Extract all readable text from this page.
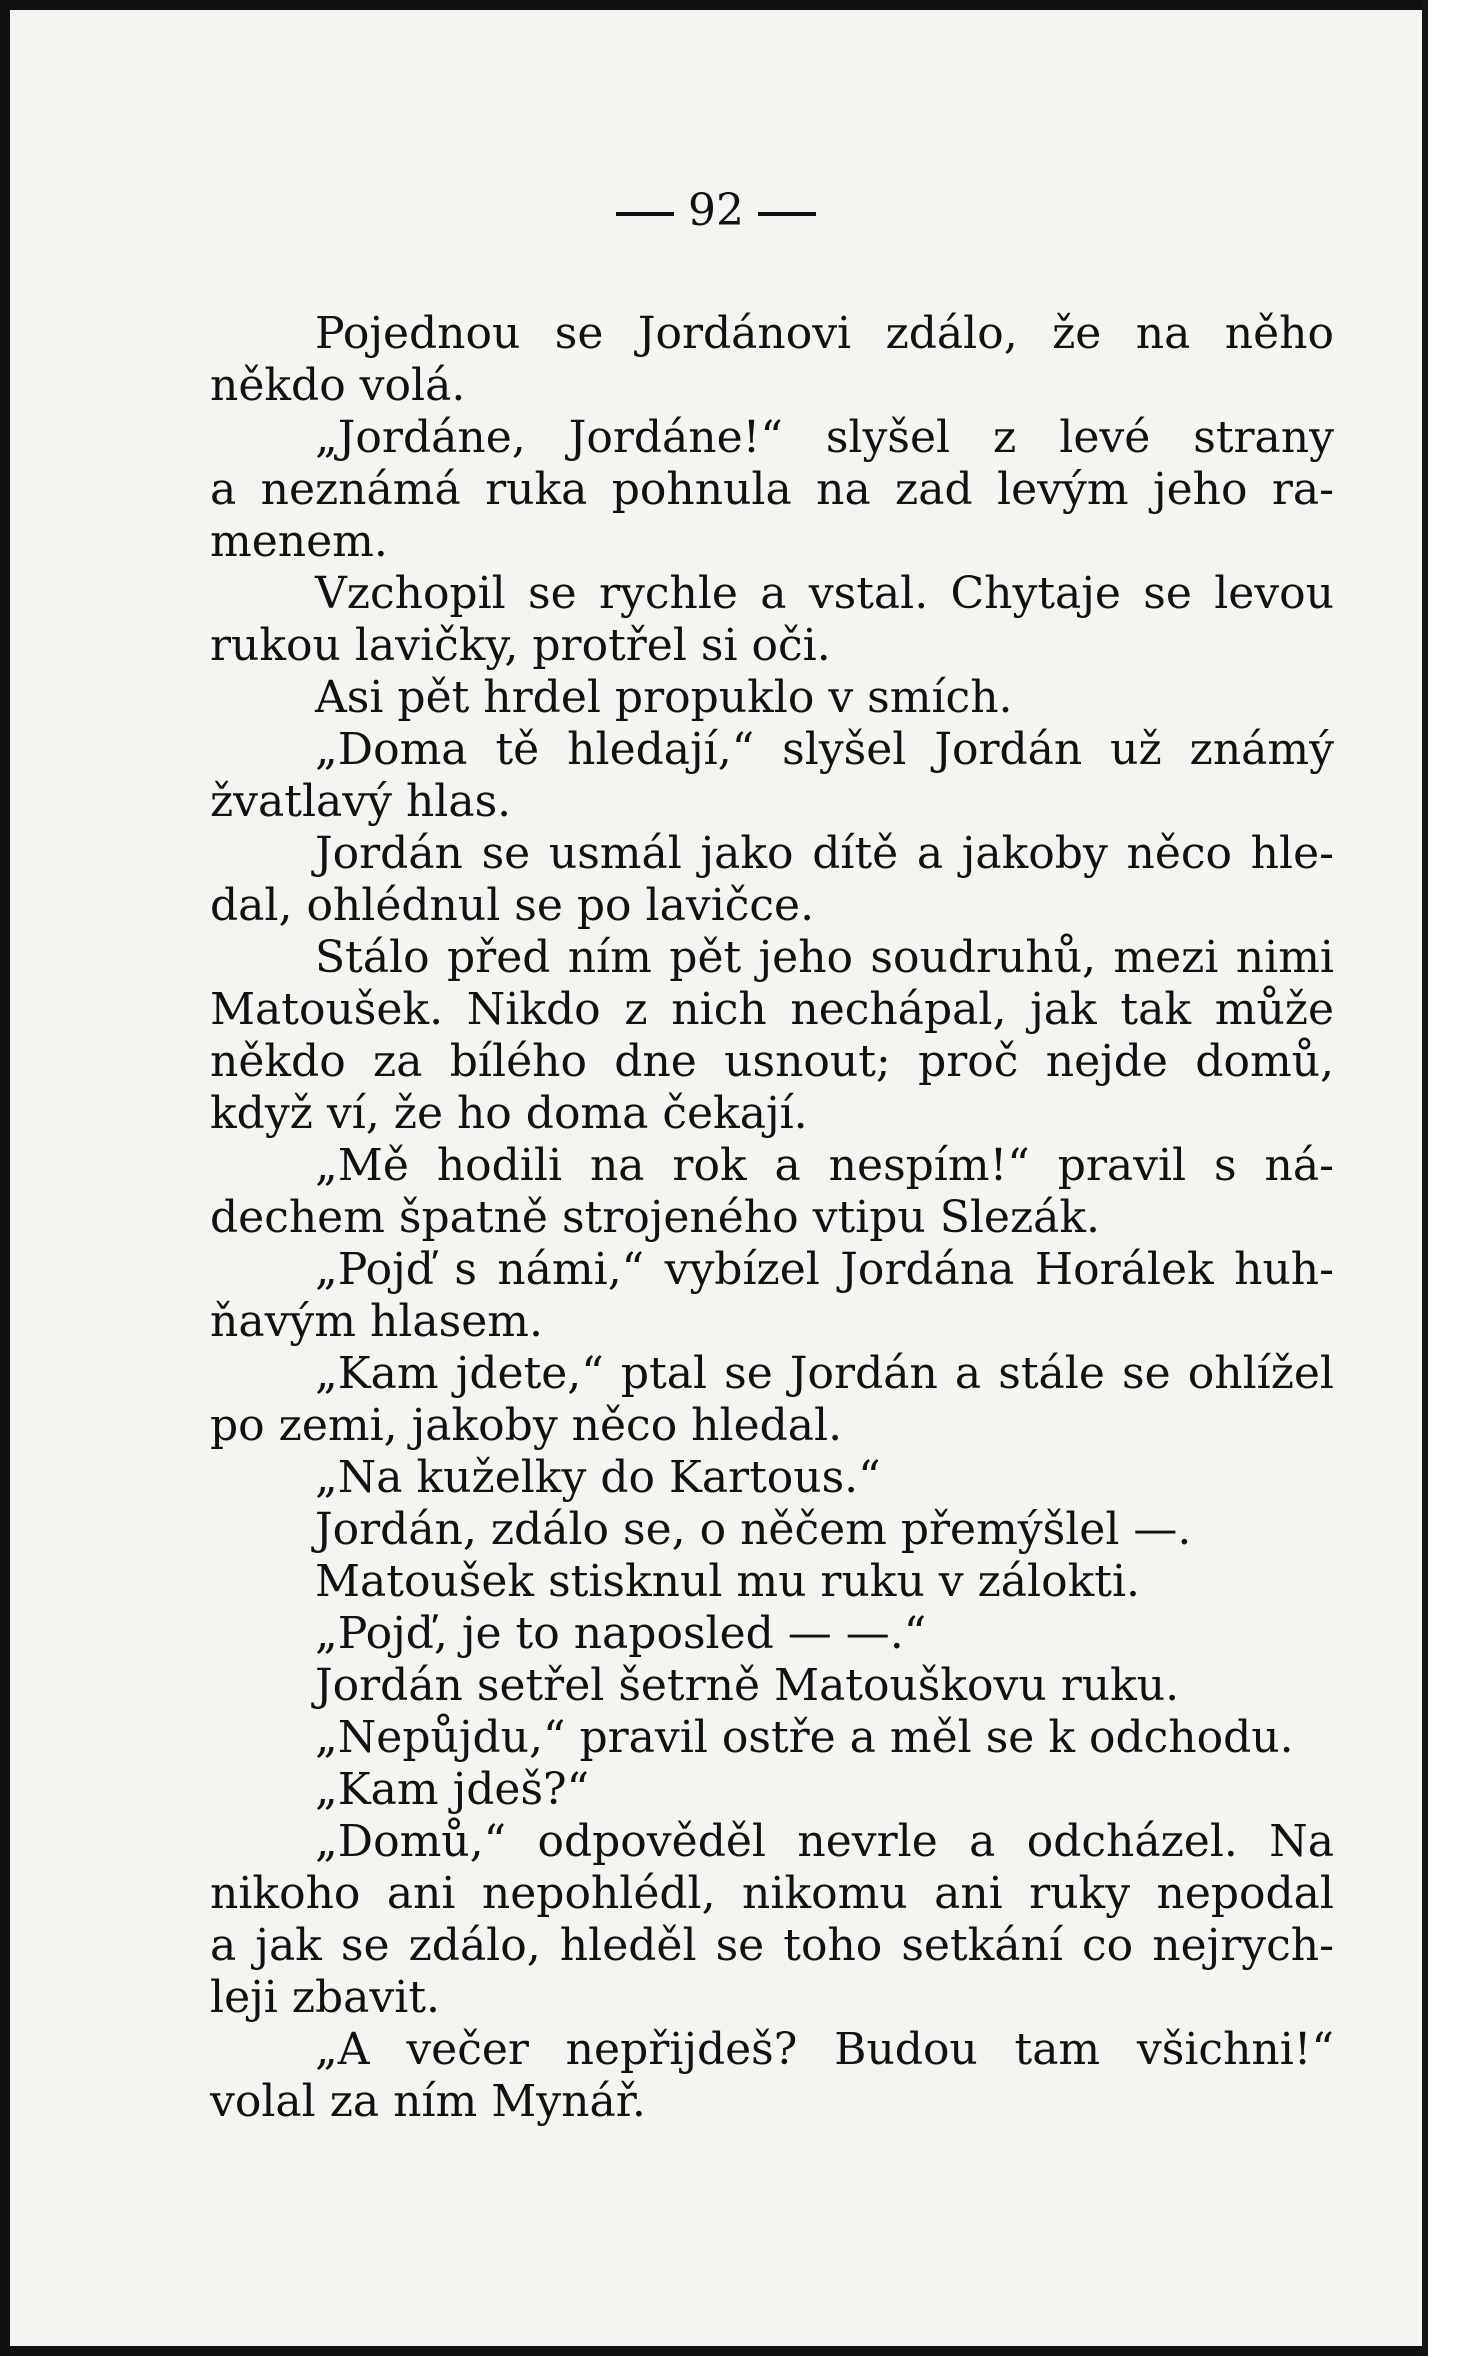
92
Pojednou se Jordánovi zdálo, že na něho
někdo volá.
„Jordáne, Jordáne!“ slyšel z levé strany
a neznámá ruka pohnula na zad levým jeho ra-
menem.
Vzchopil se rychle a vstal. Chytaje se levou
rukou lavičky, protřel si oči.
Asi pět hrdel propuklo v smích.
„Doma tě hledají,“ slyšel Jordán už známý
žvatlavý hlas.
Jordán se usmál jako dítě a jakoby něco hle-
dal, ohlédnul se po lavičce.
Stálo před ním pět jeho soudruhů, mezi nimi
Matoušek. Nikdo z nich nechápal, jak tak může
někdo za bílého dne usnout; proč nejde domů,
když ví, že ho doma čekají.
„Mě hodili na rok a nespím!“ pravil s ná-
dechem špatně strojeného vtipu Slezák.
„Pojď s námi,“ vybízel Jordána Horálek huh-
ňavým hlasem.
„Kam jdete,“ ptal se Jordán a stále se ohlížel
po zemi, jakoby něco hledal.
„Na kuželky do Kartous.“
Jordán, zdálo se, o něčem přemýšlel —.
Matoušek stisknul mu ruku v zálokti.
„Pojď, je to naposled — —.“
Jordán setřel šetrně Matouškovu ruku.
„Nepůjdu,“ pravil ostře a měl se k odchodu.
„Kam jdeš?“
„Domů,“ odpověděl nevrle a odcházel. Na
nikoho ani nepohlédl, nikomu ani ruky nepodal
a jak se zdálo, hleděl se toho setkání co nejrych-
leji zbavit.
„A večer nepřijdeš? Budou tam všichni!“
volal za ním Mynář.
